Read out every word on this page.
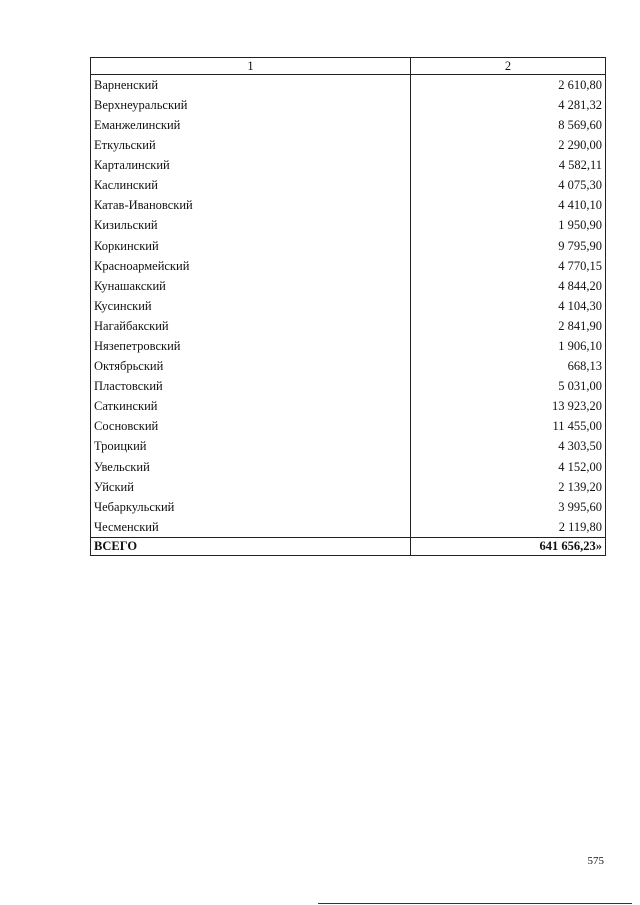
1	2
Варненский	2 610,80
Верхнеуральский	4 281,32
Еманжелинский	8 569,60
Еткульский	2 290,00
Карталинский	4 582,11
Каслинский	4 075,30
Катав-Ивановский	4 410,10
Кизильский	1 950,90
Коркинский	9 795,90
Красноармейский	4 770,15
Кунашакский	4 844,20
Кусинский	4 104,30
Нагайбакский	2 841,90
Нязепетровский	1 906,10
Октябрьский	668,13
Пластовский	5 031,00
Саткинский	13 923,20
Сосновский	11 455,00
Троицкий	4 303,50
Увельский	4 152,00
Уйский	2 139,20
Чебаркульский	3 995,60
Чесменский	2 119,80
ВСЕГО	641 656,23»
575
